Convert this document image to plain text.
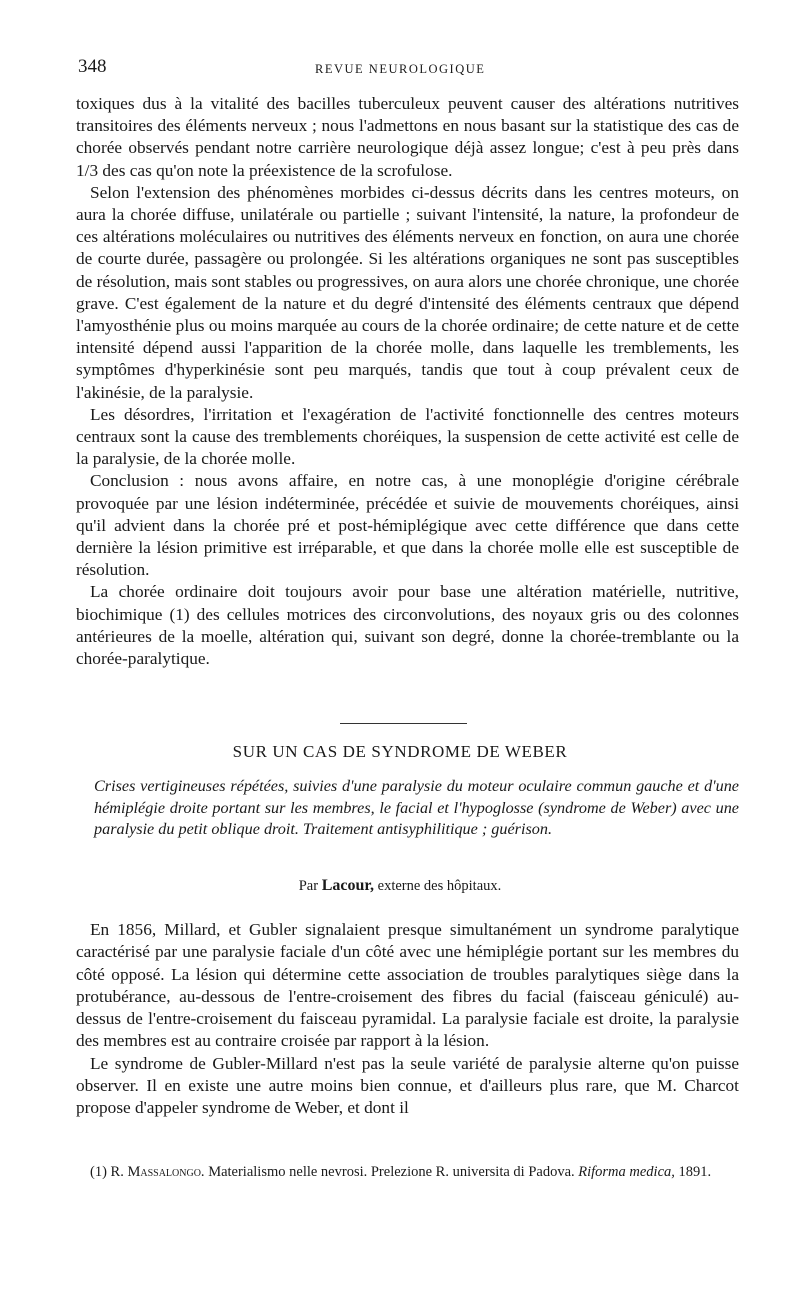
348	REVUE NEUROLOGIQUE

toxiques dus à la vitalité des bacilles tuberculeux peuvent causer des altérations nutritives transitoires des éléments nerveux ; nous l'admettons en nous basant sur la statistique des cas de chorée observés pendant notre carrière neurologique déjà assez longue; c'est à peu près dans 1/3 des cas qu'on note la préexistence de la scrofulose.

Selon l'extension des phénomènes morbides ci-dessus décrits dans les centres moteurs, on aura la chorée diffuse, unilatérale ou partielle ; suivant l'intensité, la nature, la profondeur de ces altérations moléculaires ou nutritives des éléments nerveux en fonction, on aura une chorée de courte durée, passagère ou prolongée. Si les altérations organiques ne sont pas susceptibles de résolution, mais sont stables ou progressives, on aura alors une chorée chronique, une chorée grave. C'est également de la nature et du degré d'intensité des éléments centraux que dépend l'amyosthénie plus ou moins marquée au cours de la chorée ordinaire; de cette nature et de cette intensité dépend aussi l'apparition de la chorée molle, dans laquelle les tremblements, les symptômes d'hyperkinésie sont peu marqués, tandis que tout à coup prévalent ceux de l'akinésie, de la paralysie.

Les désordres, l'irritation et l'exagération de l'activité fonctionnelle des centres moteurs centraux sont la cause des tremblements choréiques, la suspension de cette activité est celle de la paralysie, de la chorée molle.

Conclusion : nous avons affaire, en notre cas, à une monoplégie d'origine cérébrale provoquée par une lésion indéterminée, précédée et suivie de mouvements choréiques, ainsi qu'il advient dans la chorée pré et post-hémiplégique avec cette différence que dans cette dernière la lésion primitive est irréparable, et que dans la chorée molle elle est susceptible de résolution.

La chorée ordinaire doit toujours avoir pour base une altération matérielle, nutritive, biochimique (1) des cellules motrices des circonvolutions, des noyaux gris ou des colonnes antérieures de la moelle, altération qui, suivant son degré, donne la chorée-tremblante ou la chorée-paralytique.

SUR UN CAS DE SYNDROME DE WEBER
Crises vertigineuses répétées, suivies d'une paralysie du moteur oculaire commun gauche et d'une hémiplégie droite portant sur les membres, le facial et l'hypoglosse (syndrome de Weber) avec une paralysie du petit oblique droit. Traitement antisyphilitique ; guérison.
Par Lacour, externe des hôpitaux.

En 1856, Millard, et Gubler signalaient presque simultanément un syndrome paralytique caractérisé par une paralysie faciale d'un côté avec une hémiplégie portant sur les membres du côté opposé. La lésion qui détermine cette association de troubles paralytiques siège dans la protubérance, au-dessous de l'entre-croisement des fibres du facial (faisceau géniculé) au-dessus de l'entre-croisement du faisceau pyramidal. La paralysie faciale est droite, la paralysie des membres est au contraire croisée par rapport à la lésion.

Le syndrome de Gubler-Millard n'est pas la seule variété de paralysie alterne qu'on puisse observer. Il en existe une autre moins bien connue, et d'ailleurs plus rare, que M. Charcot propose d'appeler syndrome de Weber, et dont il

(1) R. Massalongo. Materialismo nelle nevrosi. Prelezione R. universita di Padova. Riforma medica, 1891.
